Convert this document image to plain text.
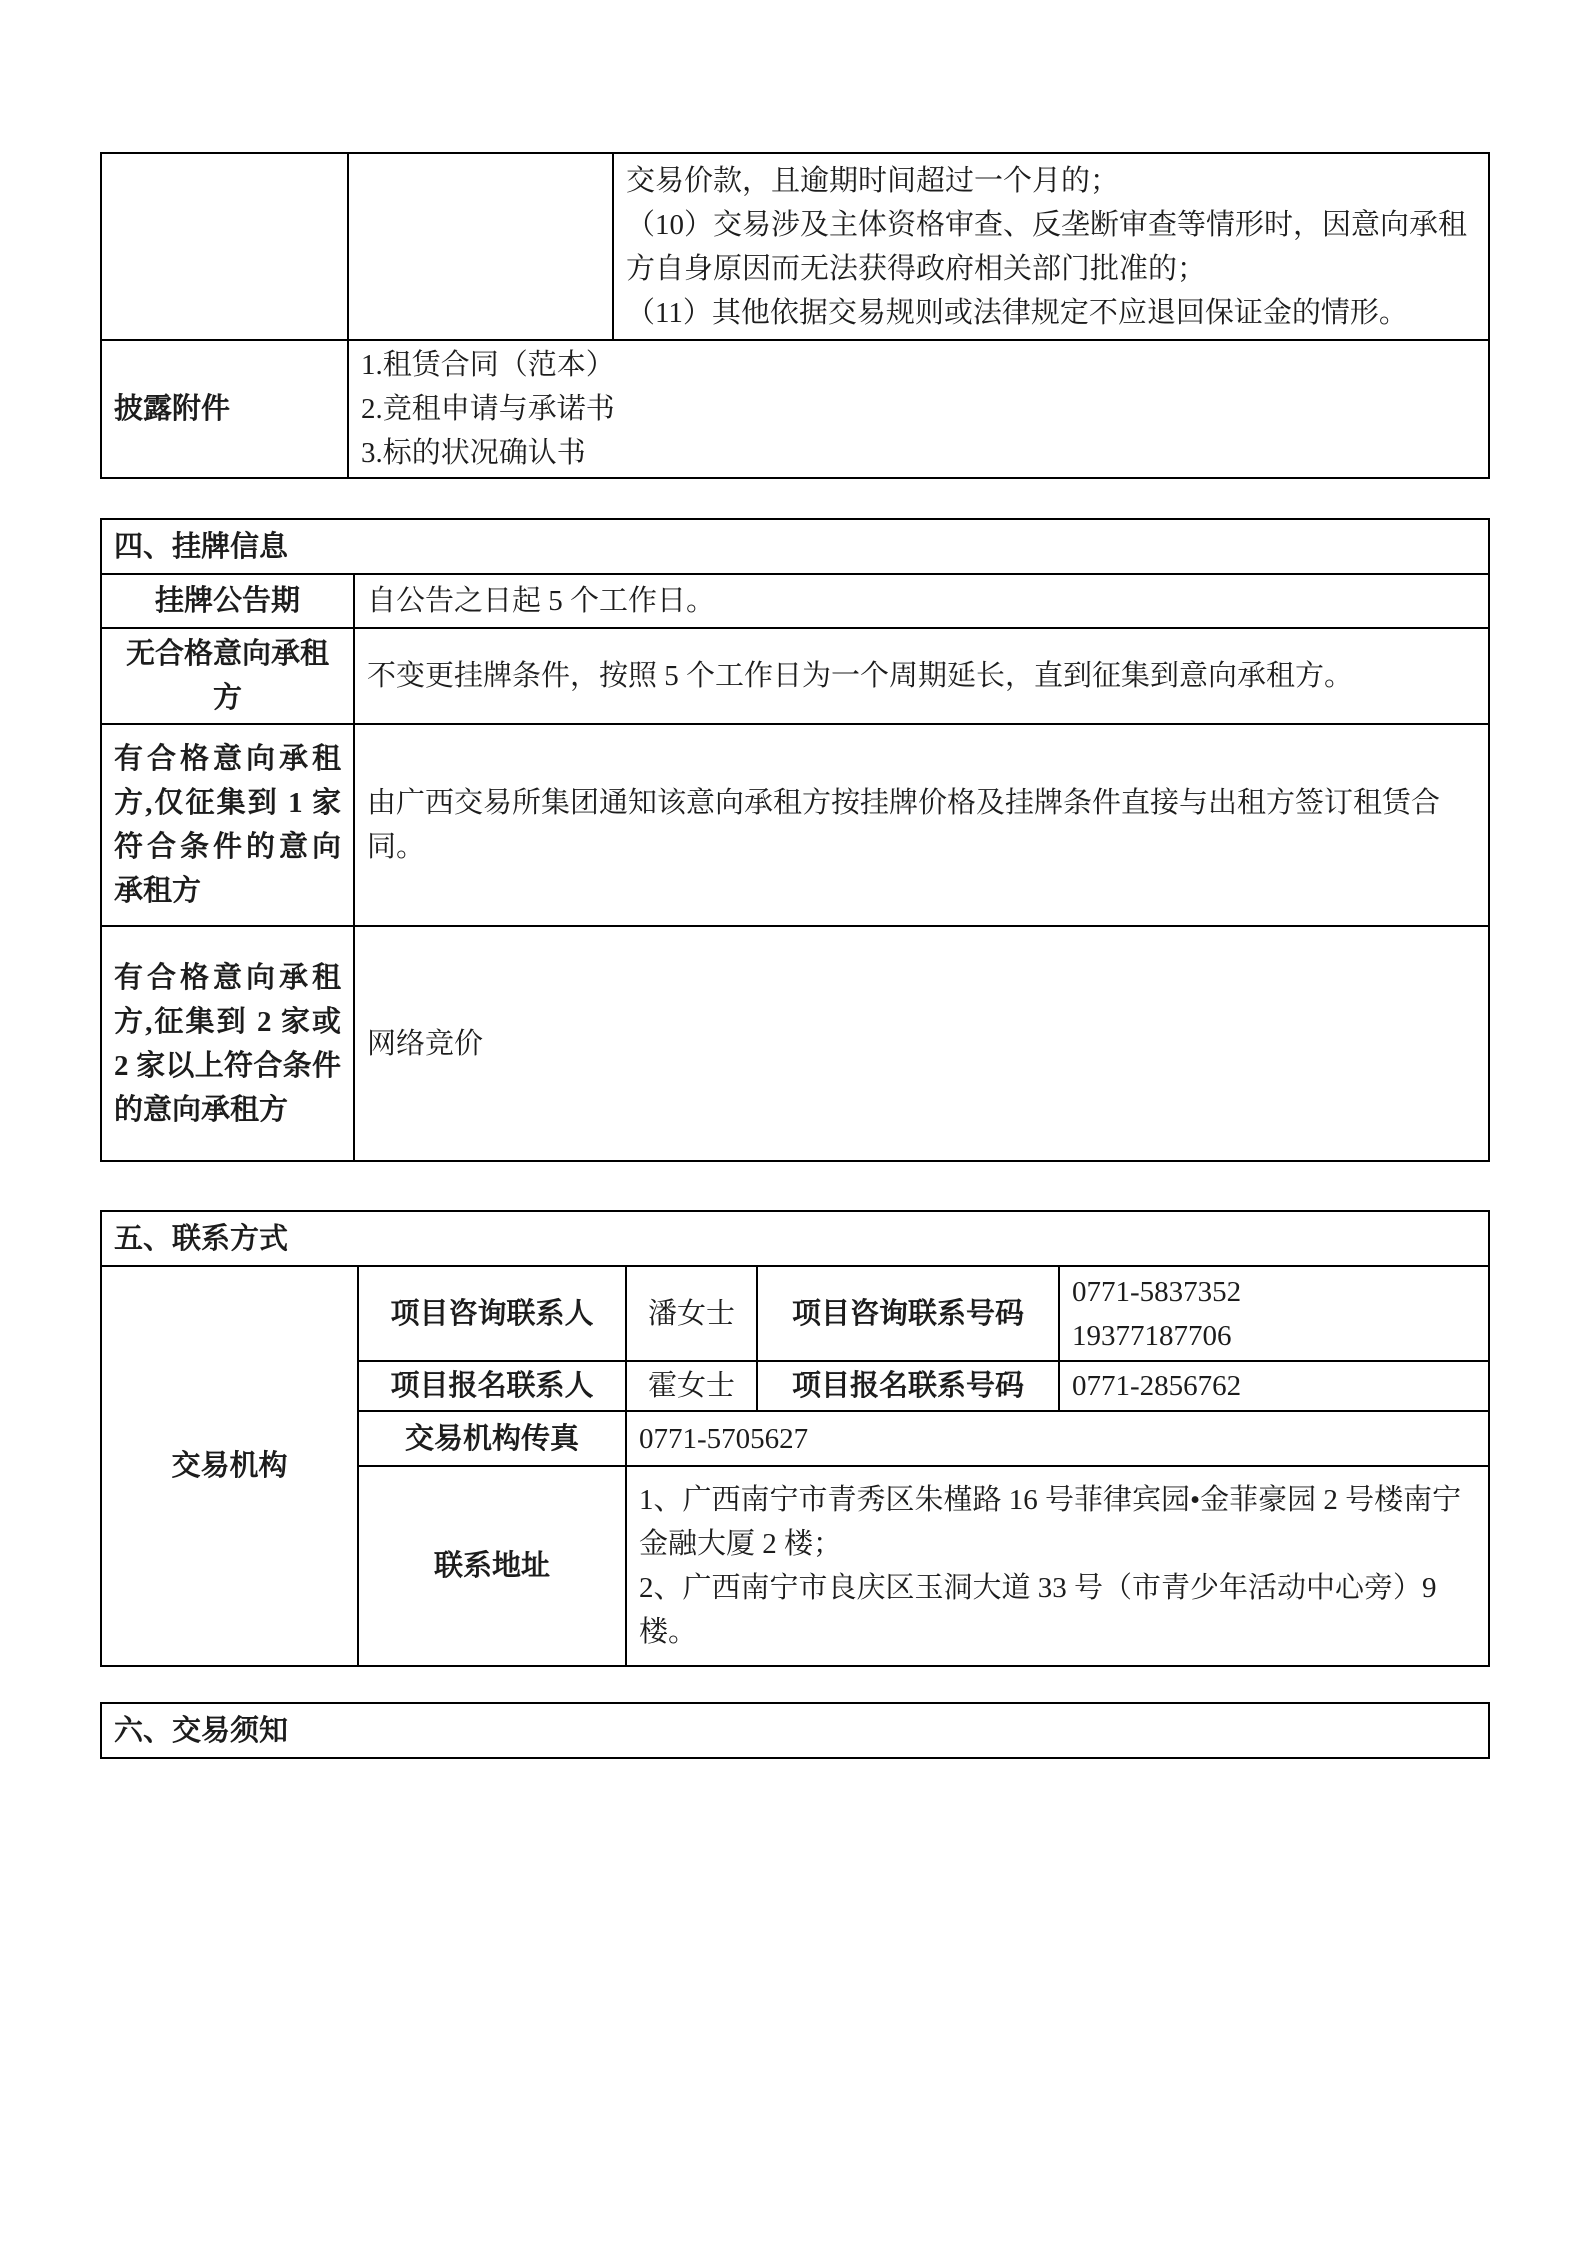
		交易价款，且逾期时间超过一个月的；
（10）交易涉及主体资格审查、反垄断审查等情形时，因意向承租方自身原因而无法获得政府相关部门批准的；
（11）其他依据交易规则或法律规定不应退回保证金的情形。

披露附件	1.租赁合同（范本）
2.竞租申请与承诺书
3.标的状况确认书	
四、挂牌信息	
挂牌公告期	自公告之日起 5 个工作日。
无合格意向承租方	不变更挂牌条件，按照 5 个工作日为一个周期延长，直到征集到意向承租方。
有合格意向承租方,仅征集到 1 家符合条件的意向承租方	由广西交易所集团通知该意向承租方按挂牌价格及挂牌条件直接与出租方签订租赁合同。
有合格意向承租方,征集到 2 家或 2 家以上符合条件的意向承租方	网络竞价
五、联系方式				
交易机构	项目咨询联系人	潘女士	项目咨询联系号码	0771-5837352
19377187706

	项目报名联系人	霍女士	项目报名联系号码	0771-2856762
	交易机构传真	0771-5705627		
	联系地址	1、广西南宁市青秀区朱槿路 16 号菲律宾园•金菲豪园 2 号楼南宁金融大厦 2 楼；
2、广西南宁市良庆区玉洞大道 33 号（市青少年活动中心旁）9 楼。		
六、交易须知
